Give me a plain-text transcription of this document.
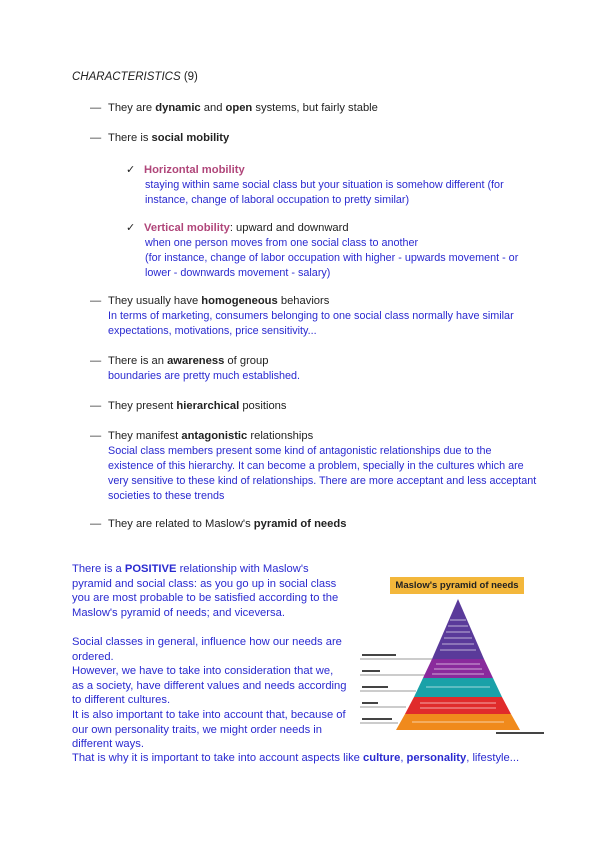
CHARACTERISTICS (9)
— They are dynamic and open systems, but fairly stable
— There is social mobility
✓ Horizontal mobility
staying within same social class but your situation is somehow different (for instance, change of laboral occupation to pretty similar)
✓ Vertical mobility: upward and downward
when one person moves from one social class to another
(for instance, change of labor occupation with higher - upwards movement - or lower - downwards movement - salary)
— They usually have homogeneous behaviors
In terms of marketing, consumers belonging to one social class normally have similar expectations, motivations, price sensitivity...
— There is an awareness of group
boundaries are pretty much established.
— They present hierarchical positions
— They manifest antagonistic relationships
Social class members present some kind of antagonistic relationships due to the existence of this hierarchy. It can become a problem, specially in the cultures which are very sensitive to these kind of relationships. There are more acceptant and less acceptant societies to these trends
— They are related to Maslow's pyramid of needs

There is a POSITIVE relationship with Maslow's pyramid and social class: as you go up in social class you are most probable to be satisfied according to the Maslow's pyramid of needs; and viceversa.

Social classes in general, influence how our needs are ordered.

However, we have to take into consideration that we, as a society, have different values and needs according to different cultures.

It is also important to take into account that, because of our own personality traits, we might order needs in different ways.

That is why it is important to take into account aspects like culture, personality, lifestyle...
Maslow's pyramid of needs
